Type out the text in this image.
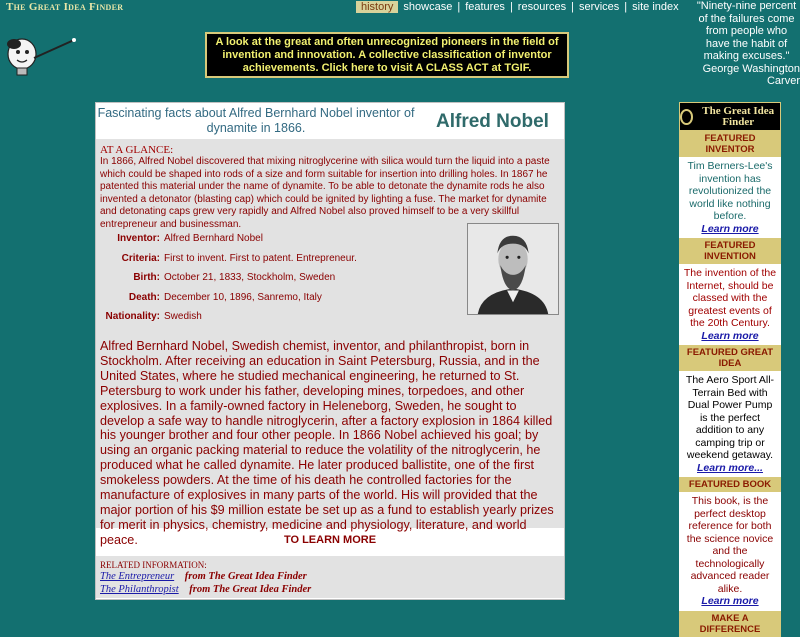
The Great Idea Finder	history showcase | features | resources | services | site index	"Ninety-nine percent of the failures come from people who have the habit of making excuses."
George Washington Carver
A look at the great and often unrecognized pioneers in the field of invention and innovation. A collective classification of inventor achievements. Click here to visit A CLASS ACT at TGIF.
Fascinating facts about Alfred Bernhard Nobel inventor of dynamite in 1866.	Alfred Nobel
AT A GLANCE:
In 1866, Alfred Nobel discovered that mixing nitroglycerine with silica would turn the liquid into a paste which could be shaped into rods of a size and form suitable for insertion into drilling holes. In 1867 he patented this material under the name of dynamite. To be able to detonate the dynamite rods he also invented a detonator (blasting cap) which could be ignited by lighting a fuse. The market for dynamite and detonating caps grew very rapidly and Alfred Nobel also proved himself to be a very skillful entrepreneur and businessman.
Inventor: Alfred Bernhard Nobel
Criteria: First to invent. First to patent. Entrepreneur.
Birth: October 21, 1833, Stockholm, Sweden
Death: December 10, 1896, Sanremo, Italy
Nationality: Swedish
Alfred Bernhard Nobel, Swedish chemist, inventor, and philanthropist, born in Stockholm. After receiving an education in Saint Petersburg, Russia, and in the United States, where he studied mechanical engineering, he returned to St. Petersburg to work under his father, developing mines, torpedoes, and other explosives. In a family-owned factory in Heleneborg, Sweden, he sought to develop a safe way to handle nitroglycerin, after a factory explosion in 1864 killed his younger brother and four other people. In 1866 Nobel achieved his goal; by using an organic packing material to reduce the volatility of the nitroglycerin, he produced what he called dynamite. He later produced ballistite, one of the first smokeless powders. At the time of his death he controlled factories for the manufacture of explosives in many parts of the world. His will provided that the major portion of his $9 million estate be set up as a fund to establish yearly prizes for merit in physics, chemistry, medicine and physiology, literature, and world peace.	TO LEARN MORE
RELATED INFORMATION:
The Entrepreneur from The Great Idea Finder
The Philanthropist from The Great Idea Finder
The Great Idea Finder
FEATURED INVENTOR
Tim Berners-Lee's invention has revolutionized the world like nothing before.
Learn more
FEATURED INVENTION
The invention of the Internet, should be classed with the greatest events of the 20th Century.
Learn more
FEATURED GREAT IDEA
The Aero Sport All-Terrain Bed with Dual Power Pump is the perfect addition to any camping trip or weekend getaway.
Learn more...
FEATURED BOOK
This book, is the perfect desktop reference for both the science novice and the technologically advanced reader alike.
Learn more
MAKE A DIFFERENCE
